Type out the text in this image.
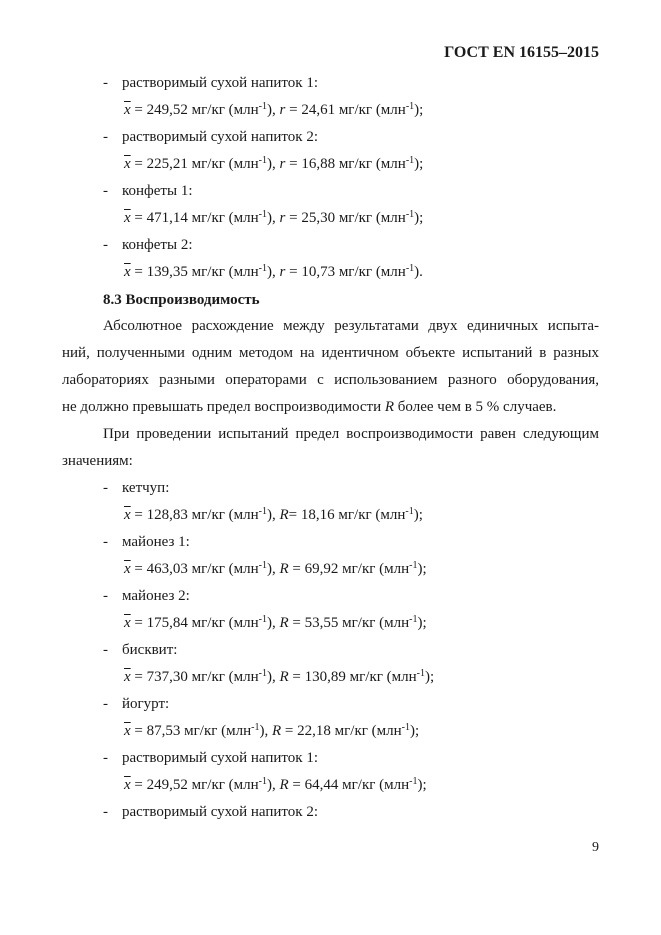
ГОСТ EN 16155–2015
- растворимый сухой напиток 1:
$\overline{x} = 249,52$ мг/кг (млн$^{-1}$), r = 24,61 мг/кг (млн$^{-1}$);
- растворимый сухой напиток 2:
$\overline{x} = 225,21$ мг/кг (млн$^{-1}$), r = 16,88 мг/кг (млн$^{-1}$);
- конфеты 1:
$\overline{x} = 471,14$ мг/кг (млн$^{-1}$), r = 25,30 мг/кг (млн$^{-1}$);
- конфеты 2:
$\overline{x} = 139,35$ мг/кг (млн$^{-1}$), r = 10,73 мг/кг (млн$^{-1}$).
8.3 Воспроизводимость

Абсолютное расхождение между результатами двух единичных испыта-

ний, полученными одним методом на идентичном объекте испытаний в разных

лабораториях разными операторами с использованием разного оборудования,

не должно превышать предел воспроизводимости R более чем в 5 % случаев.

При проведении испытаний предел воспроизводимости равен следующим

значениям:

- кетчуп:
$\overline{x} = 128,83$ мг/кг (млн$^{-1}$), R= 18,16 мг/кг (млн$^{-1}$);
- майонез 1:
$\overline{x} = 463,03$ мг/кг (млн$^{-1}$), R = 69,92 мг/кг (млн$^{-1}$);
- майонез 2:
$\overline{x} = 175,84$ мг/кг (млн$^{-1}$), R = 53,55 мг/кг (млн$^{-1}$);
- бисквит:
$\overline{x} = 737,30$ мг/кг (млн$^{-1}$), R = 130,89 мг/кг (млн$^{-1}$);
- йогурт:
$\overline{x} = 87,53$ мг/кг (млн$^{-1}$), R = 22,18 мг/кг (млн$^{-1}$);
- растворимый сухой напиток 1:
$\overline{x} = 249,52$ мг/кг (млн$^{-1}$), R = 64,44 мг/кг (млн$^{-1}$);
- растворимый сухой напиток 2:
9
